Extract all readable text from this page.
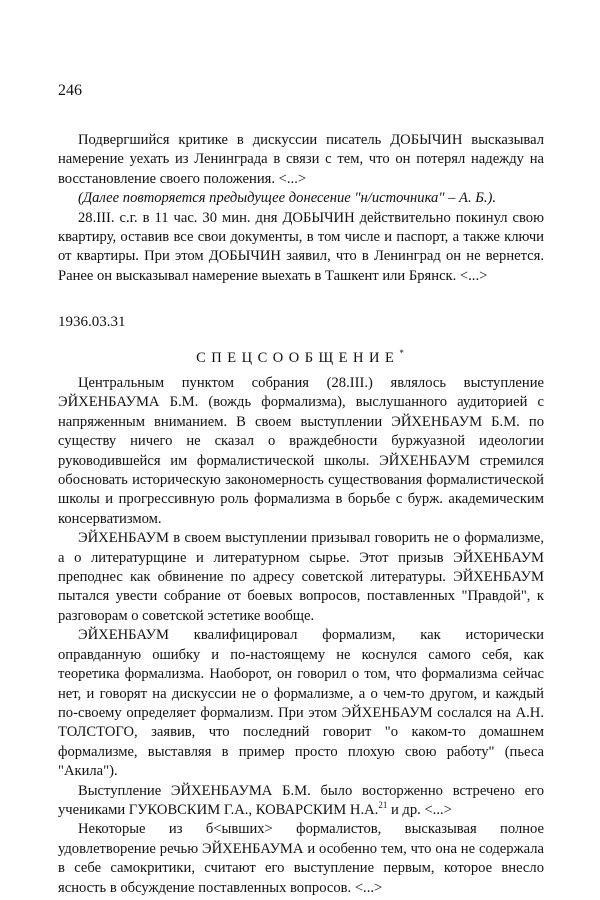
246

Подвергшийся критике в дискуссии писатель ДОБЫЧИН высказывал намерение уехать из Ленинграда в связи с тем, что он потерял надежду на восстановление своего положения. <...>

(Далее повторяется предыдущее донесение "н/источника" – А. Б.).

28.III. с.г. в 11 час. 30 мин. дня ДОБЫЧИН действительно покинул свою квартиру, оставив все свои документы, в том числе и паспорт, а также ключи от квартиры. При этом ДОБЫЧИН заявил, что в Ленинград он не вернется. Ранее он высказывал намерение выехать в Ташкент или Брянск. <...>

1936.03.31
СПЕЦСООБЩЕНИЕ*

Центральным пунктом собрания (28.III.) являлось выступление ЭЙХЕНБАУМА Б.М. (вождь формализма), выслушанного аудиторией с напряженным вниманием. В своем выступлении ЭЙХЕНБАУМ Б.М. по существу ничего не сказал о враждебности буржуазной идеологии руководившейся им формалистической школы. ЭЙХЕНБАУМ стремился обосновать историческую закономерность существования формалистической школы и прогрессивную роль формализма в борьбе с бурж. академическим консерватизмом.

ЭЙХЕНБАУМ в своем выступлении призывал говорить не о формализме, а о литературщине и литературном сырье. Этот призыв ЭЙХЕНБАУМ преподнес как обвинение по адресу советской литературы. ЭЙХЕНБАУМ пытался увести собрание от боевых вопросов, поставленных "Правдой", к разговорам о советской эстетике вообще.

ЭЙХЕНБАУМ квалифицировал формализм, как исторически оправданную ошибку и по-настоящему не коснулся самого себя, как теоретика формализма. Наоборот, он говорил о том, что формализма сейчас нет, и говорят на дискуссии не о формализме, а о чем-то другом, и каждый по-своему определяет формализм. При этом ЭЙХЕНБАУМ сослался на А.Н. ТОЛСТОГО, заявив, что последний говорит "о каком-то домашнем формализме, выставляя в пример просто плохую свою работу" (пьеса "Акила").

Выступление ЭЙХЕНБАУМА Б.М. было восторженно встречено его учениками ГУКОВСКИМ Г.А., КОВАРСКИМ Н.А.$^{21}$ и др. <...>

Некоторые из б<ывших> формалистов, высказывая полное удовлетворение речью ЭЙХЕНБАУМА и особенно тем, что она не содержала в себе самокритики, считают его выступление первым, которое внесло ясность в обсуждение поставленных вопросов. <...>
